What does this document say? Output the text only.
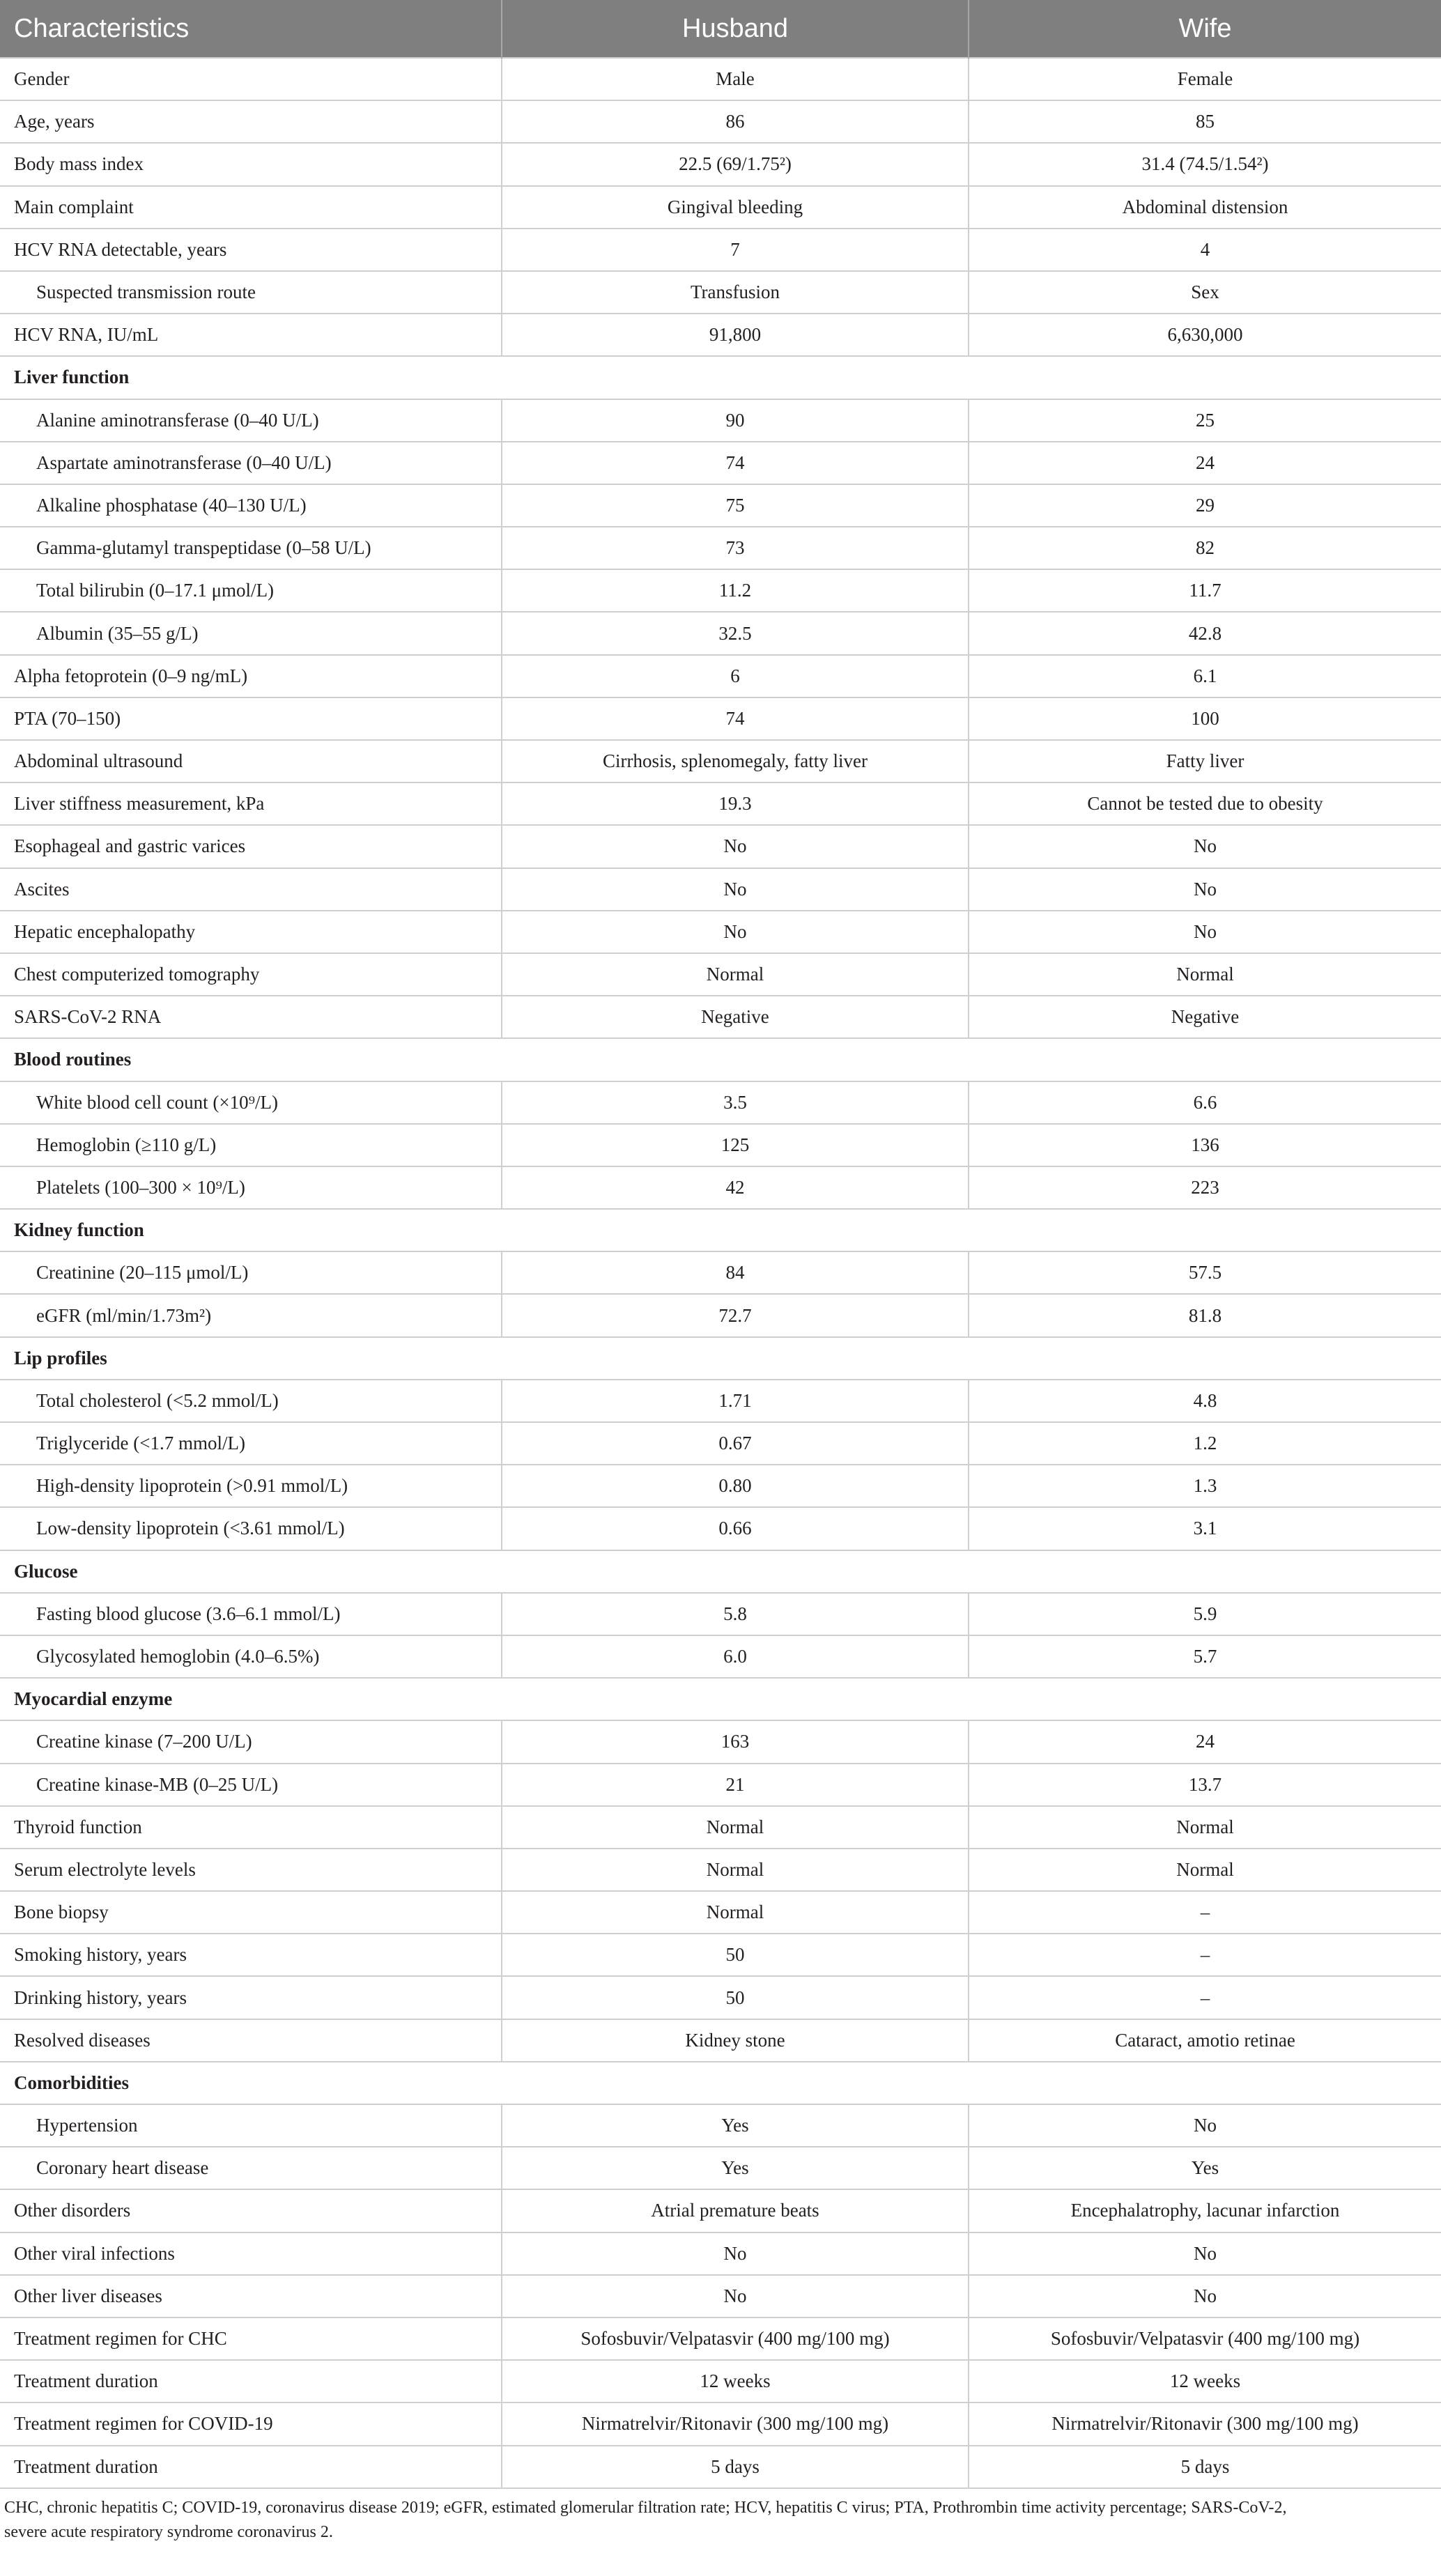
Characteristics	Husband	Wife
Gender	Male	Female
Age, years	86	85
Body mass index	22.5 (69/1.75²)	31.4 (74.5/1.54²)
Main complaint	Gingival bleeding	Abdominal distension
HCV RNA detectable, years	7	4
Suspected transmission route	Transfusion	Sex
HCV RNA, IU/mL	91,800	6,630,000
Liver function		
Alanine aminotransferase (0–40 U/L)	90	25
Aspartate aminotransferase (0–40 U/L)	74	24
Alkaline phosphatase (40–130 U/L)	75	29
Gamma-glutamyl transpeptidase (0–58 U/L)	73	82
Total bilirubin (0–17.1 μmol/L)	11.2	11.7
Albumin (35–55 g/L)	32.5	42.8
Alpha fetoprotein (0–9 ng/mL)	6	6.1
PTA (70–150)	74	100
Abdominal ultrasound	Cirrhosis, splenomegaly, fatty liver	Fatty liver
Liver stiffness measurement, kPa	19.3	Cannot be tested due to obesity
Esophageal and gastric varices	No	No
Ascites	No	No
Hepatic encephalopathy	No	No
Chest computerized tomography	Normal	Normal
SARS-CoV-2 RNA	Negative	Negative
Blood routines		
White blood cell count (×10⁹/L)	3.5	6.6
Hemoglobin (≥110 g/L)	125	136
Platelets (100–300 × 10⁹/L)	42	223
Kidney function		
Creatinine (20–115 μmol/L)	84	57.5
eGFR (ml/min/1.73m²)	72.7	81.8
Lip profiles		
Total cholesterol (<5.2 mmol/L)	1.71	4.8
Triglyceride (<1.7 mmol/L)	0.67	1.2
High-density lipoprotein (>0.91 mmol/L)	0.80	1.3
Low-density lipoprotein (<3.61 mmol/L)	0.66	3.1
Glucose		
Fasting blood glucose (3.6–6.1 mmol/L)	5.8	5.9
Glycosylated hemoglobin (4.0–6.5%)	6.0	5.7
Myocardial enzyme		
Creatine kinase (7–200 U/L)	163	24
Creatine kinase-MB (0–25 U/L)	21	13.7
Thyroid function	Normal	Normal
Serum electrolyte levels	Normal	Normal
Bone biopsy	Normal	–
Smoking history, years	50	–
Drinking history, years	50	–
Resolved diseases	Kidney stone	Cataract, amotio retinae
Comorbidities		
Hypertension	Yes	No
Coronary heart disease	Yes	Yes
Other disorders	Atrial premature beats	Encephalatrophy, lacunar infarction
Other viral infections	No	No
Other liver diseases	No	No
Treatment regimen for CHC	Sofosbuvir/Velpatasvir (400 mg/100 mg)	Sofosbuvir/Velpatasvir (400 mg/100 mg)
Treatment duration	12 weeks	12 weeks
Treatment regimen for COVID-19	Nirmatrelvir/Ritonavir (300 mg/100 mg)	Nirmatrelvir/Ritonavir (300 mg/100 mg)
Treatment duration	5 days	5 days
CHC, chronic hepatitis C; COVID-19, coronavirus disease 2019; eGFR, estimated glomerular filtration rate; HCV, hepatitis C virus; PTA, Prothrombin time activity percentage; SARS-CoV-2,
severe acute respiratory syndrome coronavirus 2.
